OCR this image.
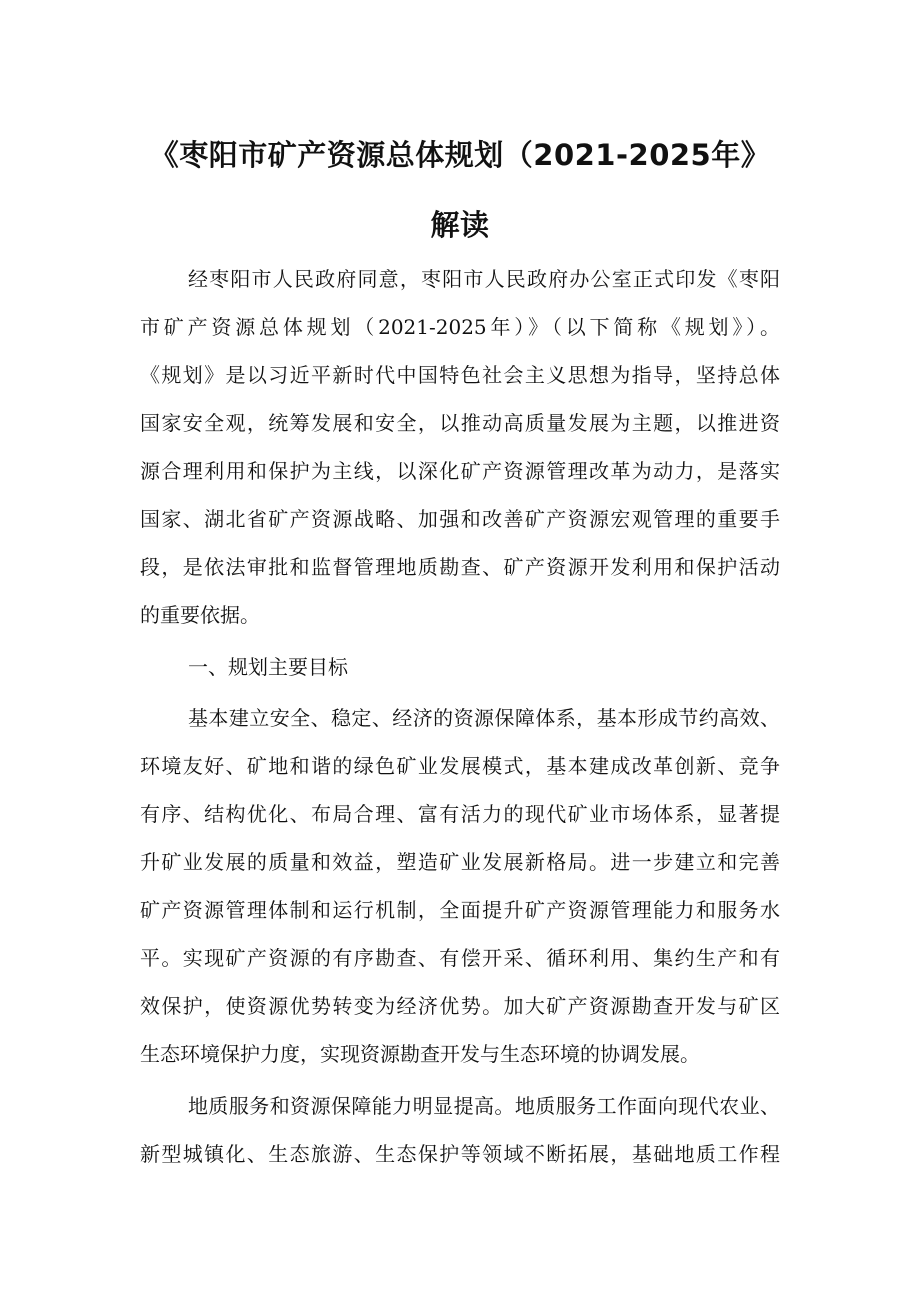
《枣阳市矿产资源总体规划（2021-2025年》
解读
经枣阳市人民政府同意，枣阳市人民政府办公室正式印发《枣阳
市矿产资源总体规划（2021-2025年）》（以下简称《规划》）。
《规划》是以习近平新时代中国特色社会主义思想为指导，坚持总体
国家安全观，统筹发展和安全，以推动高质量发展为主题，以推进资
源合理利用和保护为主线，以深化矿产资源管理改革为动力，是落实
国家、湖北省矿产资源战略、加强和改善矿产资源宏观管理的重要手
段，是依法审批和监督管理地质勘查、矿产资源开发利用和保护活动
的重要依据。
一、规划主要目标
基本建立安全、稳定、经济的资源保障体系，基本形成节约高效、
环境友好、矿地和谐的绿色矿业发展模式，基本建成改革创新、竞争
有序、结构优化、布局合理、富有活力的现代矿业市场体系，显著提
升矿业发展的质量和效益，塑造矿业发展新格局。进一步建立和完善
矿产资源管理体制和运行机制，全面提升矿产资源管理能力和服务水
平。实现矿产资源的有序勘查、有偿开采、循环利用、集约生产和有
效保护，使资源优势转变为经济优势。加大矿产资源勘查开发与矿区
生态环境保护力度，实现资源勘查开发与生态环境的协调发展。
地质服务和资源保障能力明显提高。地质服务工作面向现代农业、
新型城镇化、生态旅游、生态保护等领域不断拓展，基础地质工作程
